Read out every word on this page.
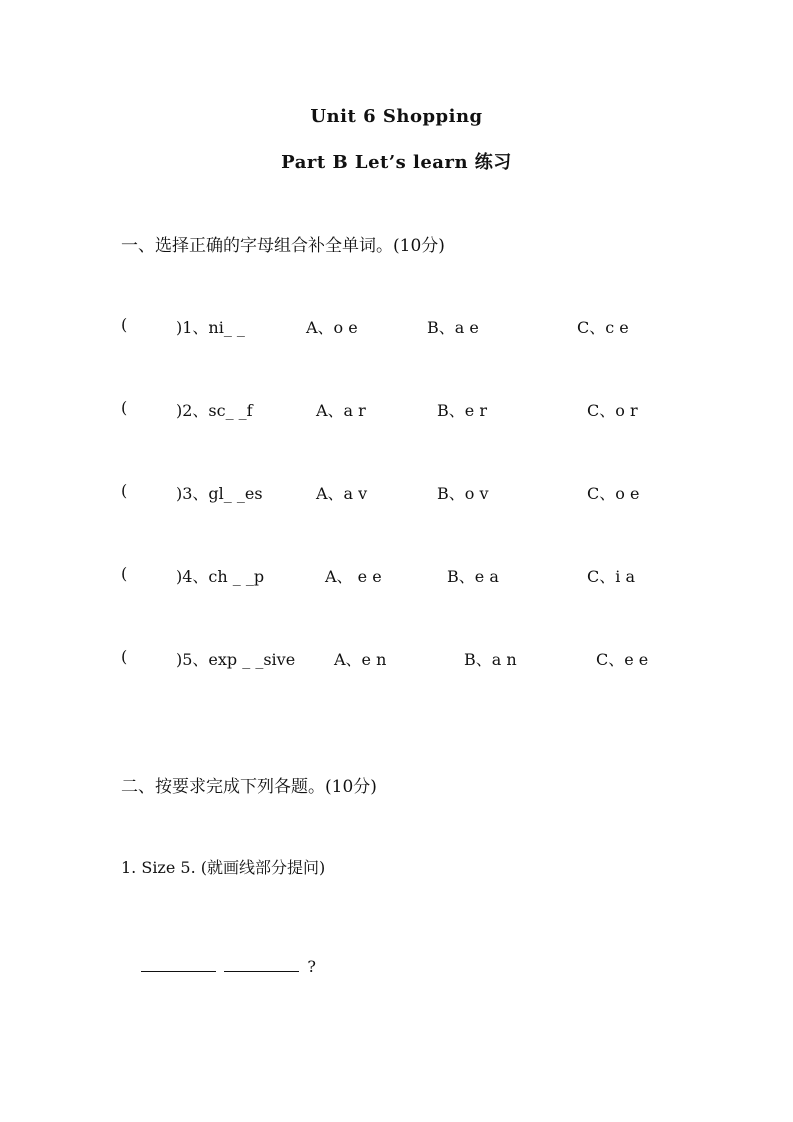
Unit 6 Shopping
Part B Let’s learn 练习
一、选择正确的字母组合补全单词。(10分)
(	)1、ni_ _	A、o e	B、a e	C、c e
(	)2、sc_ _f	A、a r	B、e r	C、o r
(	)3、gl_ _es	A、a v	B、o v	C、o e
(	)4、ch _ _p	A、 e e	B、e a	C、i a
(	)5、exp _ _sive A、e n	B、a n	C、e e
二、按要求完成下列各题。(10分)
1. Size 5. (就画线部分提问)

?
